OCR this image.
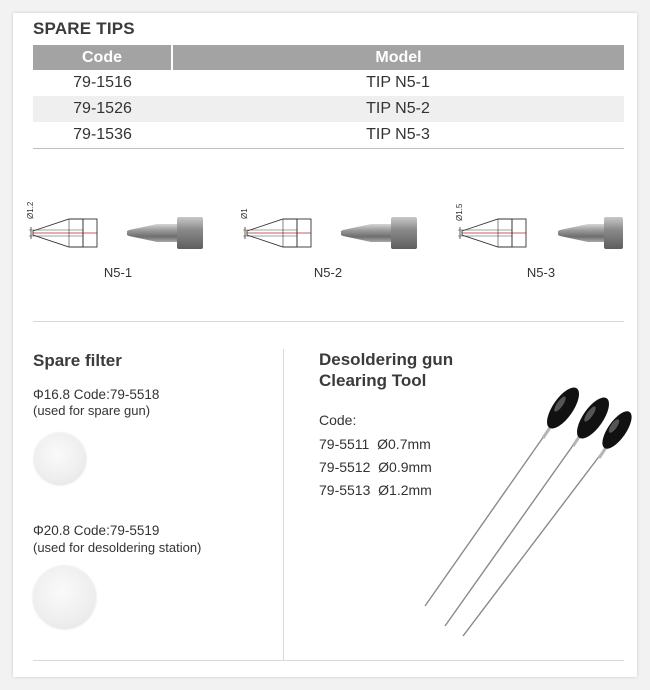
SPARE TIPS
Code	Model
79-1516	TIP N5-1
79-1526	TIP N5-2
79-1536	TIP N5-3
Ø1.2
N5-1
Ø1
N5-2
Ø1.5
N5-3
Spare filter
Φ16.8 Code:79-5518
(used for spare gun)
Φ20.8 Code:79-5519
(used for desoldering station)
Desoldering gun
Clearing Tool
Code:
79-5511 Ø0.7mm
79-5512 Ø0.9mm
79-5513 Ø1.2mm
